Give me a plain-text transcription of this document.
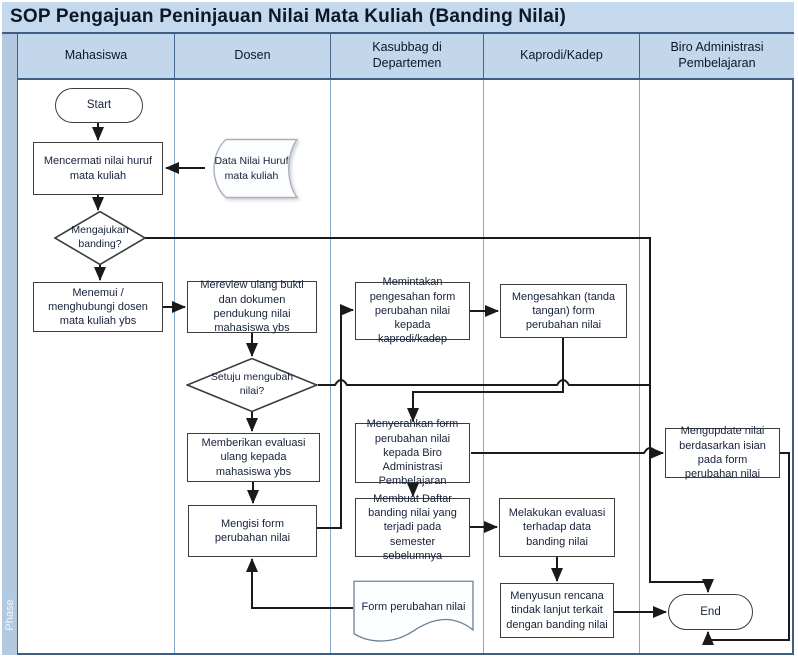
SOP Pengajuan Peninjauan Nilai Mata Kuliah (Banding Nilai)
Phase
Mahasiswa	Dosen
Kasubbag di Departemen
Kaprodi/Kadep
Biro Administrasi Pembelajaran
Start
Mencermati nilai huruf mata kuliah
Data Nilai Huruf mata kuliah
Mengajukan banding?
Menemui / menghubungi dosen mata kuliah ybs
Mereview ulang bukti dan dokumen pendukung nilai mahasiswa ybs
Setuju mengubah nilai?
Memberikan evaluasi ulang kepada mahasiswa ybs
Mengisi form perubahan nilai
Memintakan pengesahan form perubahan nilai kepada kaprodi/kadep
Menyerahkan form perubahan nilai kepada Biro Administrasi Pembelajaran
Membuat Daftar banding nilai yang terjadi pada semester sebelumnya
Form perubahan nilai
Mengesahkan (tanda tangan) form perubahan nilai
Melakukan evaluasi terhadap data banding nilai
Menyusun rencana tindak lanjut terkait dengan banding nilai
Mengupdate nilai berdasarkan isian pada form perubahan nilai
End
